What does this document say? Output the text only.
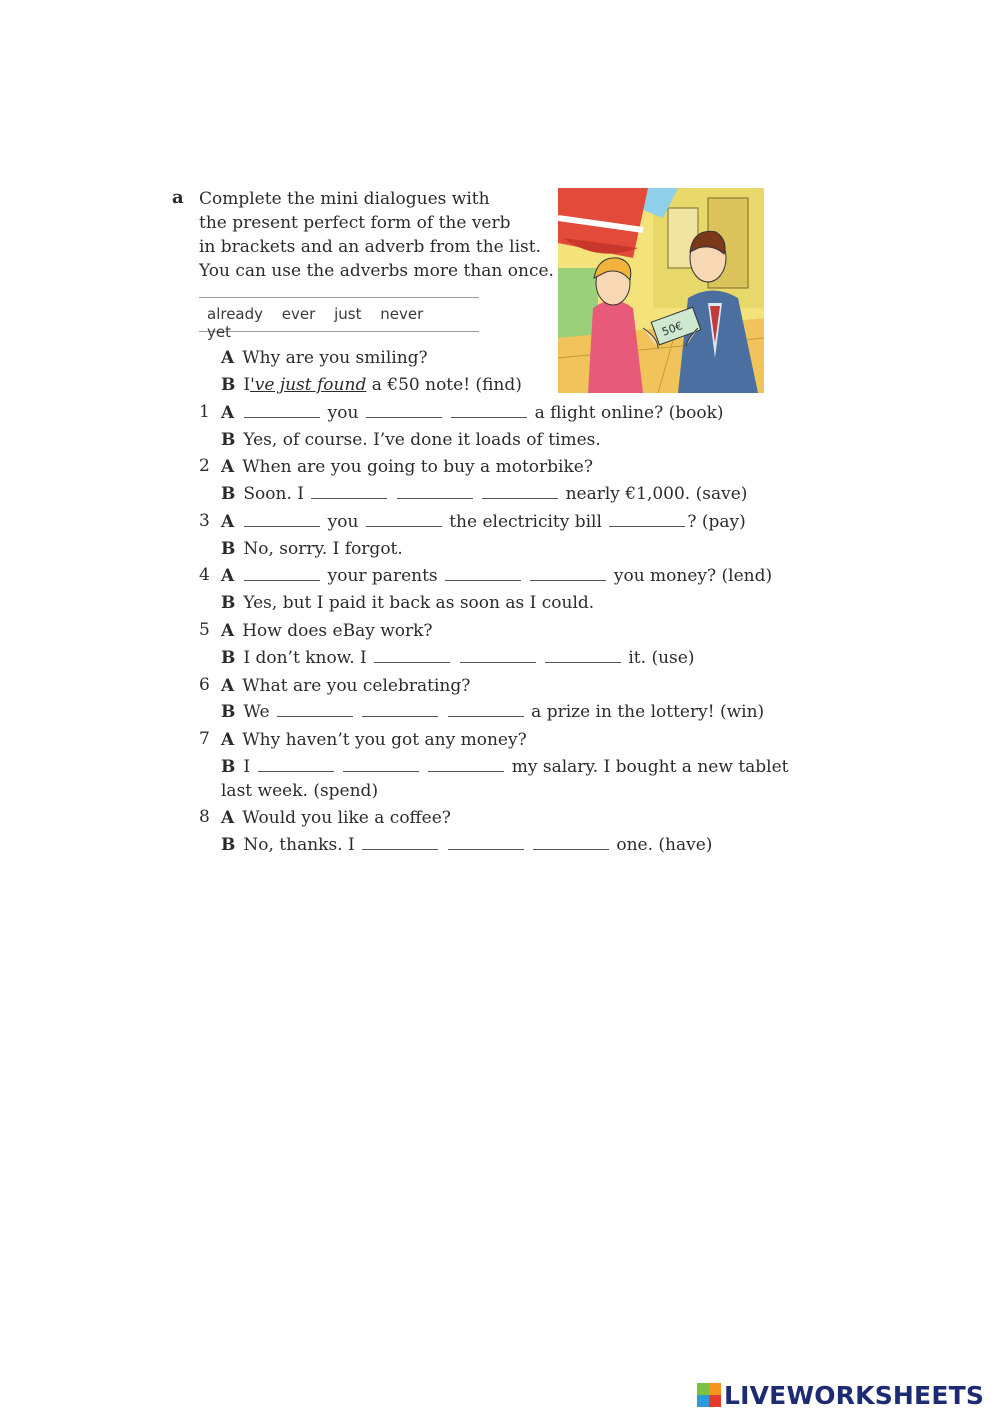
a Complete the mini dialogues with
the present perfect form of the verb
in brackets and an adverb from the list.
You can use the adverbs more than once.
already ever just never yet	50€
A Why are you smiling?
B I've just found a €50 note! (find)
1 A	you	a flight online? (book)
B Yes, of course. I’ve done it loads of times.
2 A When are you going to buy a motorbike?
B Soon. I	nearly €1,000. (save)
3 A	you	the electricity bill	? (pay)
B No, sorry. I forgot.
4 A	your parents	you money? (lend)
B Yes, but I paid it back as soon as I could.
5 A How does eBay work?
B I don’t know. I	it. (use)
6 A What are you celebrating?
B We	a prize in the lottery! (win)
7 A Why haven’t you got any money?
B I	my salary. I bought a new tablet
last week. (spend)
8 A Would you like a coffee?
B No, thanks. I	one. (have)
LIVEWORKSHEETS
